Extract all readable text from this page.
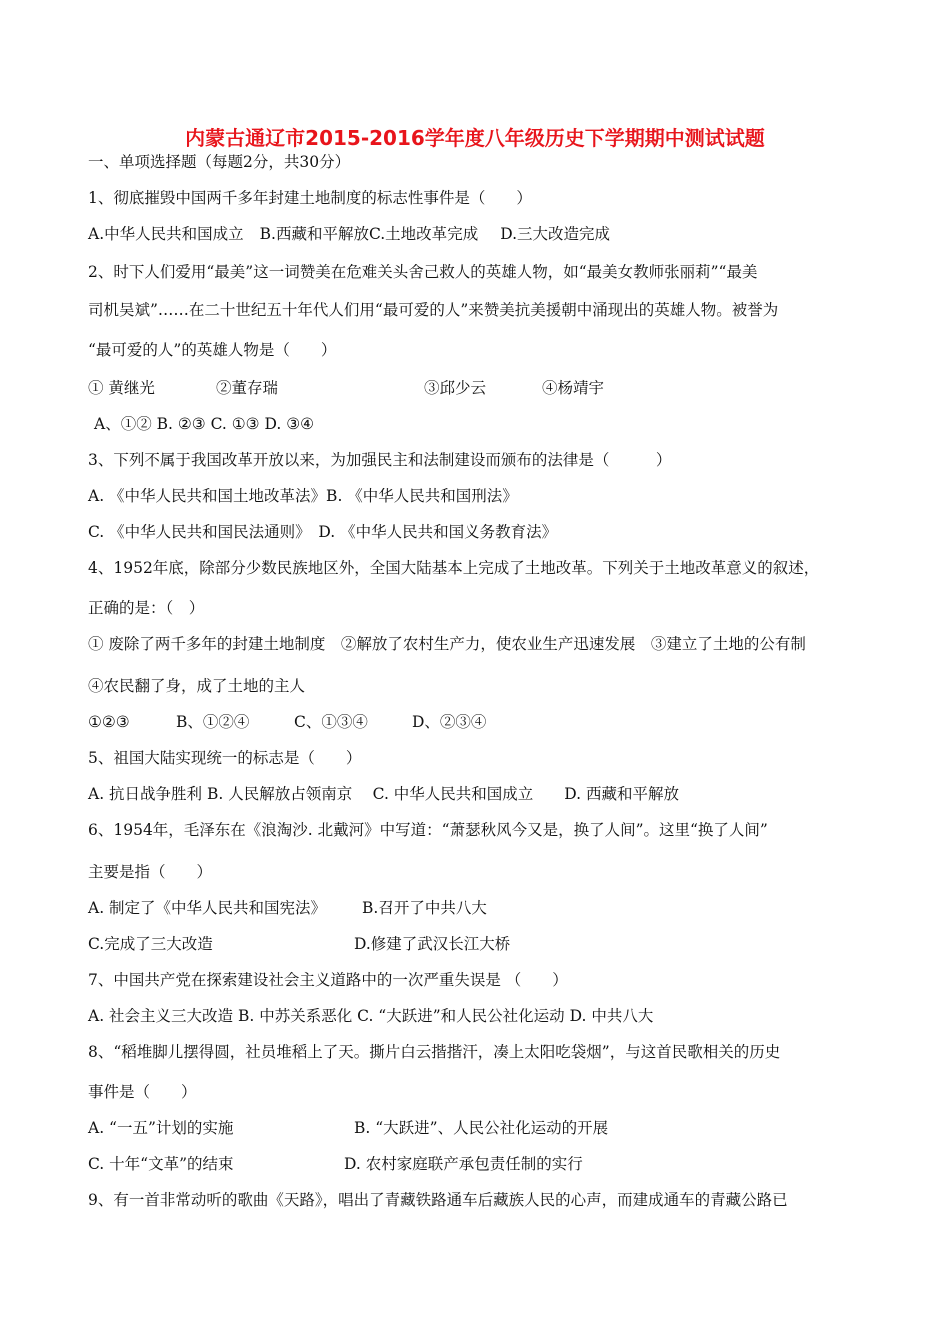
内蒙古通辽市2015-2016学年度八年级历史下学期期中测试试题
一、单项选择题（每题2分，共30分）
1、彻底摧毁中国两千多年封建土地制度的标志性事件是（　　）
A.中华人民共和国成立 B.西藏和平解放C.土地改革完成 D.三大改造完成
2、时下人们爱用“最美”这一词赞美在危难关头舍己救人的英雄人物，如“最美女教师张丽莉”“最美
司机吴斌”……在二十世纪五十年代人们用“最可爱的人”来赞美抗美援朝中涌现出的英雄人物。被誉为
“最可爱的人”的英雄人物是（　　）
① 黄继光	②董存瑞	③邱少云	④杨靖宇
A、①② B. ②③ C. ①③ D. ③④
3、下列不属于我国改革开放以来，为加强民主和法制建设而颁布的法律是（　　　）
A. 《中华人民共和国土地改革法》B. 《中华人民共和国刑法》
C. 《中华人民共和国民法通则》　D. 《中华人民共和国义务教育法》
4、1952年底，除部分少数民族地区外，全国大陆基本上完成了土地改革。下列关于土地改革意义的叙述，
正确的是：（　）
① 废除了两千多年的封建土地制度　②解放了农村生产力，使农业生产迅速发展　③建立了土地的公有制
④农民翻了身，成了土地的主人
①②③	B、①②④	C、①③④	D、②③④
5、祖国大陆实现统一的标志是（　　）
A. 抗日战争胜利 B. 人民解放占领南京　 C. 中华人民共和国成立　　D. 西藏和平解放
6、1954年，毛泽东在《浪淘沙. 北戴河》中写道：“萧瑟秋风今又是，换了人间”。这里“换了人间”
主要是指（　　）
A. 制定了《中华人民共和国宪法》 B.召开了中共八大
C.完成了三大改造	D.修建了武汉长江大桥
7、中国共产党在探索建设社会主义道路中的一次严重失误是 （　　）
A. 社会主义三大改造 B. 中苏关系恶化 C. “大跃进”和人民公社化运动 D. 中共八大
8、“稻堆脚儿摆得圆，社员堆稻上了天。撕片白云揩揩汗，凑上太阳吃袋烟”，与这首民歌相关的历史
事件是（　　）
A. “一五”计划的实施	B. “大跃进”、人民公社化运动的开展
C. 十年“文革”的结束	D. 农村家庭联产承包责任制的实行
9、有一首非常动听的歌曲《天路》，唱出了青藏铁路通车后藏族人民的心声，而建成通车的青藏公路已
